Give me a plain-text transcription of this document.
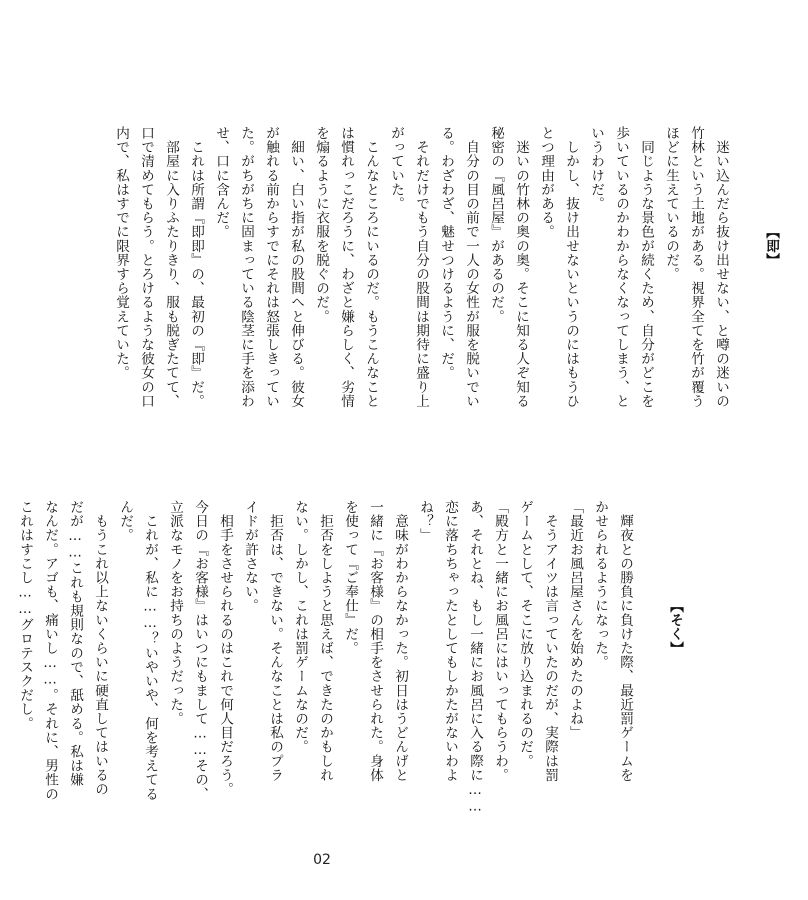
【即】

　迷い込んだら抜け出せない、と噂の迷いの
竹林という土地がある。視界全てを竹が覆う
ほどに生えているのだ。
　同じような景色が続くため、自分がどこを
歩いているのかわからなくなってしまう、と
いうわけだ。
　しかし、抜け出せないというのにはもうひ
とつ理由がある。
　迷いの竹林の奥の奥。そこに知る人ぞ知る
秘密の『風呂屋』があるのだ。
　自分の目の前で一人の女性が服を脱いでい
る。わざわざ、魅せつけるように、だ。
　それだけでもう自分の股間は期待に盛り上
がっていた。
　こんなところにいるのだ。もうこんなこと
は慣れっこだろうに、わざと嫌らしく、劣情
を煽るように衣服を脱ぐのだ。
　細い、白い指が私の股間へと伸びる。彼女
が触れる前からすでにそれは怒張しきってい
た。がちがちに固まっている陰茎に手を添わ
せ、口に含んだ。
　これは所謂『即即』の、最初の『即』だ。
　部屋に入りふたりきり、服も脱ぎたてて、
口で清めてもらう。とろけるような彼女の口
内で、私はすでに限界すら覚えていた。

【そく】

　輝夜との勝負に負けた際、最近罰ゲームを
かせられるようになった。
「最近お風呂屋さんを始めたのよね」
　そうアイツは言っていたのだが、実際は罰
ゲームとして、そこに放り込まれるのだ。
「殿方と一緒にお風呂にはいってもらうわ。
あ、それとね、もし一緒にお風呂に入る際に……
恋に落ちちゃったとしてもしかたがないわよ
ね？」
　意味がわからなかった。初日はうどんげと
一緒に『お客様』の相手をさせられた。身体
を使って『ご奉仕』だ。
　拒否をしようと思えば、できたのかもしれ
ない。しかし、これは罰ゲームなのだ。
　拒否は、できない。そんなことは私のプラ
イドが許さない。
　相手をさせられるのはこれで何人目だろう。
今日の『お客様』はいつにもまして……その、
立派なモノをお持ちのようだった。
　これが、私に……？いやいや、何を考えてる
んだ。
　もうこれ以上ないくらいに硬直してはいるの
だが……これも規則なので、舐める。私は嫌
なんだ。アゴも、痛いし……。それに、男性の
これはすこし……グロテスクだし。
02
